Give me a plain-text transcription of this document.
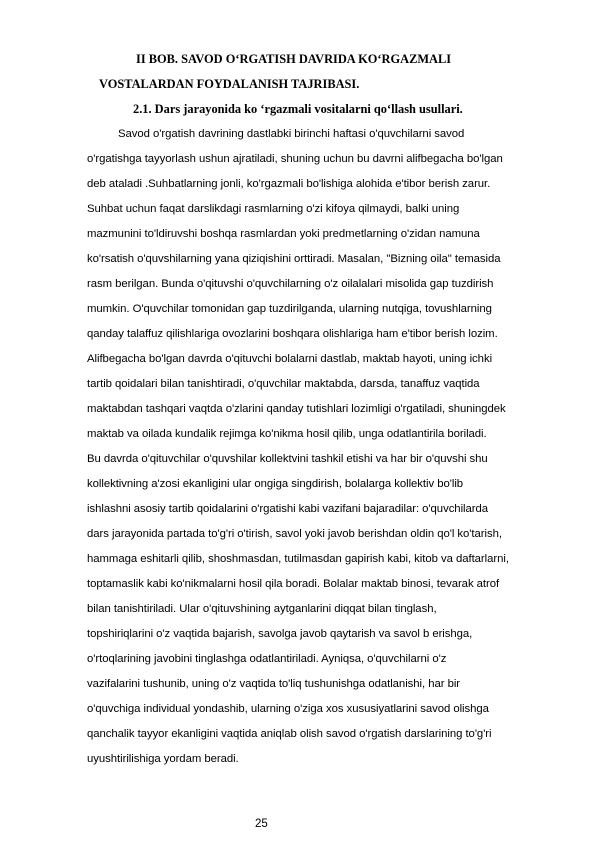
II BOB. SAVOD O‘RGATISH DAVRIDA KO‘RGAZMALI
VOSTALARDAN FOYDALANISH TAJRIBASI.
2.1. Dars jarayonida ko ‘rgazmali vositalarni qo‘llash usullari.
Savod o'rgatish davrining dastlabki birinchi haftasi o'quvchilarni savod
o'rgatishga tayyorlash ushun ajratiladi, shuning uchun bu davrni alifbegacha bo'lgan
deb ataladi .Suhbatlarning jonli, ko'rgazmali bo'lishiga alohida e'tibor berish zarur.
Suhbat uchun faqat darslikdagi rasmlarning o'zi kifoya qilmaydi, balki uning
mazmunini to'ldiruvshi boshqa rasmlardan yoki predmetlarning o'zidan namuna
ko'rsatish o'quvshilarning yana qiziqishini orttiradi. Masalan, "Bizning oila" temasida
rasm berilgan. Bunda o'qituvshi o'quvchilarning o'z oilalalari misolida gap tuzdirish
mumkin. O'quvchilar tomonidan gap tuzdirilganda, ularning nutqiga, tovushlarning
qanday talaffuz qilishlariga ovozlarini boshqara olishlariga ham e'tibor berish lozim.
Alifbegacha bo'lgan davrda o'qituvchi bolalarni dastlab, maktab hayoti, uning ichki
tartib qoidalari bilan tanishtiradi, o'quvchilar maktabda, darsda, tanaffuz vaqtida
maktabdan tashqari vaqtda o'zlarini qanday tutishlari lozimligi o'rgatiladi, shuningdek
maktab va oilada kundalik rejimga ko'nikma hosil qilib, unga odatlantirila boriladi.
Bu davrda o'qituvchilar o'quvshilar kollektvini tashkil etishi va har bir o'quvshi shu
kollektivning a'zosi ekanligini ular ongiga singdirish, bolalarga kollektiv bo'lib
ishlashni asosiy tartib qoidalarini o'rgatishi kabi vazifani bajaradilar: o'quvchilarda
dars jarayonida partada to'g'ri o'tirish, savol yoki javob berishdan oldin qo'l ko'tarish,
hammaga eshitarli qilib, shoshmasdan, tutilmasdan gapirish kabi, kitob va daftarlarni,
toptamaslik kabi ko'nikmalarni hosil qila boradi. Bolalar maktab binosi, tevarak atrof
bilan tanishtiriladi. Ular o'qituvshining aytganlarini diqqat bilan tinglash,
topshiriqlarini o'z vaqtida bajarish, savolga javob qaytarish va savol b erishga,
o'rtoqlarining javobini tinglashga odatlantiriladi. Ayniqsa, o'quvchilarni o'z
vazifalarini tushunib, uning o'z vaqtida to'liq tushunishga odatlanishi, har bir
o'quvchiga individual yondashib, ularning o'ziga xos xususiyatlarini savod olishga
qanchalik tayyor ekanligini vaqtida aniqlab olish savod o'rgatish darslarining to'g'ri
uyushtirilishiga yordam beradi.
25
